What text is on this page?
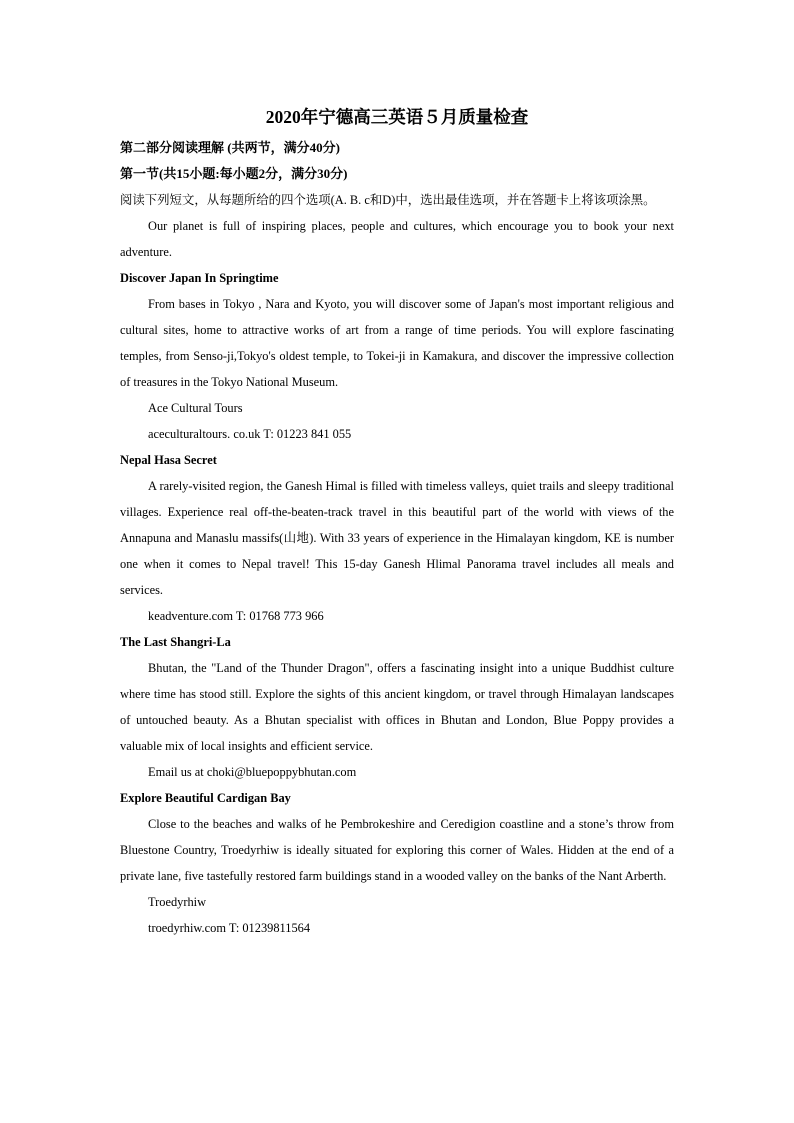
2020年宁德高三英语５月质量检查
第二部分阅读理解 (共两节，满分40分)
第一节(共15小题:每小题2分，满分30分)
阅读下列短文，从每题所给的四个选项(A. B. c和D)中，选出最佳选项，并在答题卡上将该项涂黑。
Our planet is full of inspiring places, people and cultures, which encourage you to book your next adventure.
Discover Japan In Springtime
From bases in Tokyo , Nara and Kyoto, you will discover some of Japan's most important religious and cultural sites, home to attractive works of art from a range of time periods. You will explore fascinating temples, from Senso-ji,Tokyo's oldest temple, to Tokei-ji in Kamakura, and discover the impressive collection of treasures in the Tokyo National Museum.
Ace Cultural Tours
aceculturaltours. co.uk T: 01223 841 055
Nepal Hasa Secret
A rarely-visited region, the Ganesh Himal is filled with timeless valleys, quiet trails and sleepy traditional villages. Experience real off-the-beaten-track travel in this beautiful part of the world with views of the Annapuna and Manaslu massifs(山地). With 33 years of experience in the Himalayan kingdom, KE is number one when it comes to Nepal travel! This 15-day Ganesh Hlimal Panorama travel includes all meals and services.
keadventure.com T: 01768 773 966
The Last Shangri-La
Bhutan, the "Land of the Thunder Dragon", offers a fascinating insight into a unique Buddhist culture where time has stood still. Explore the sights of this ancient kingdom, or travel through Himalayan landscapes of untouched beauty. As a Bhutan specialist with offices in Bhutan and London, Blue Poppy provides a valuable mix of local insights and efficient service.
Email us at choki@bluepoppybhutan.com
Explore Beautiful Cardigan Bay
Close to the beaches and walks of he Pembrokeshire and Ceredigion coastline and a stone’s throw from Bluestone Country, Troedyrhiw is ideally situated for exploring this corner of Wales. Hidden at the end of a private lane, five tastefully restored farm buildings stand in a wooded valley on the banks of the Nant Arberth.
Troedyrhiw
troedyrhiw.com T: 01239811564
